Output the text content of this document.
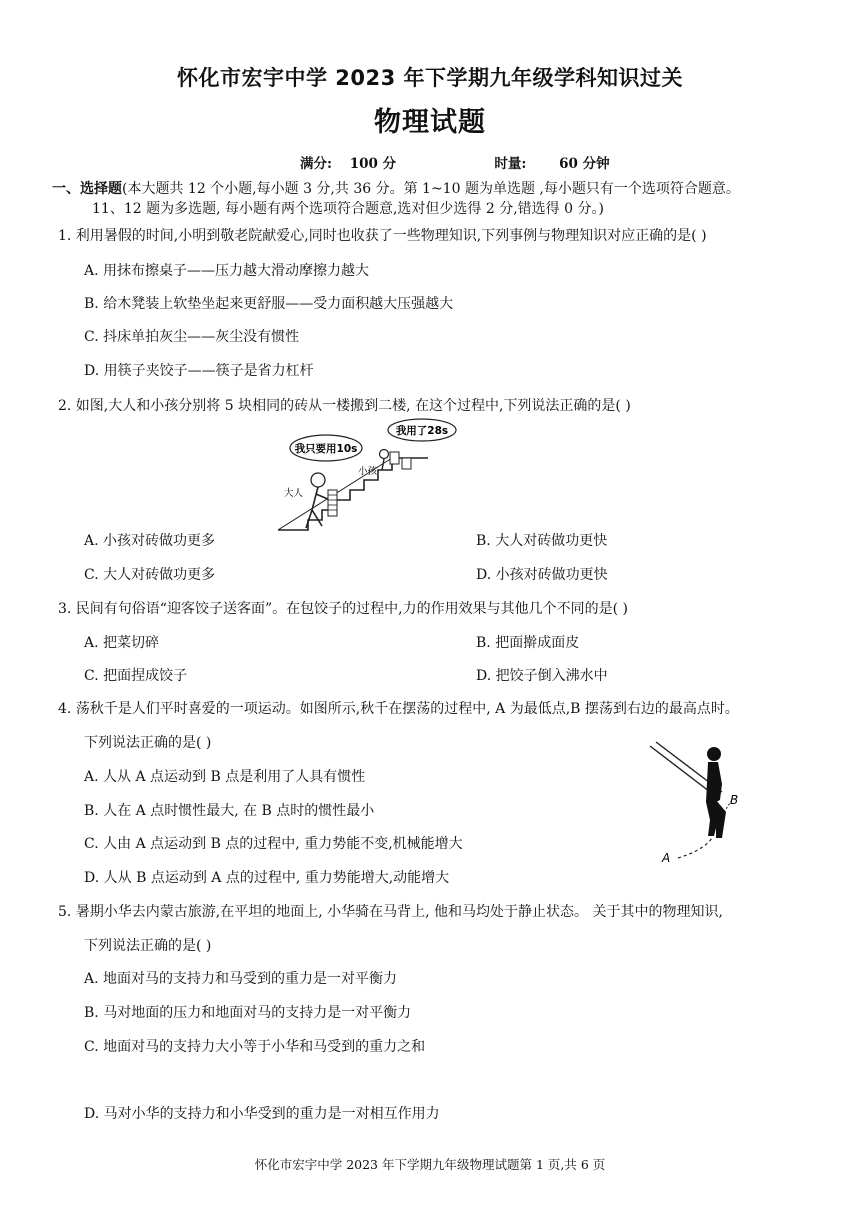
怀化市宏宇中学 2023 年下学期九年级学科知识过关
物理试题
满分: 100 分	时量: 60 分钟
一、选择题(本大题共 12 个小题,每小题 3 分,共 36 分。第 1~10 题为单选题 ,每小题只有一个选项符合题意。
11、12 题为多选题, 每小题有两个选项符合题意,选对但少选得 2 分,错选得 0 分。)
1. 利用暑假的时间,小明到敬老院献爱心,同时也收获了一些物理知识,下列事例与物理知识对应正确的是( )
A. 用抹布擦桌子——压力越大滑动摩擦力越大
B. 给木凳装上软垫坐起来更舒服——受力面积越大压强越大
C. 抖床单拍灰尘——灰尘没有惯性
D. 用筷子夹饺子——筷子是省力杠杆
2. 如图,大人和小孩分别将 5 块相同的砖从一楼搬到二楼, 在这个过程中,下列说法正确的是( )
我只要用10s
我用了28s
小孩
大人
A. 小孩对砖做功更多	B. 大人对砖做功更快
C. 大人对砖做功更多	D. 小孩对砖做功更快
3. 民间有句俗语“迎客饺子送客面”。在包饺子的过程中,力的作用效果与其他几个不同的是( )
A. 把菜切碎	B. 把面擀成面皮
C. 把面捏成饺子	D. 把饺子倒入沸水中
4. 荡秋千是人们平时喜爱的一项运动。如图所示,秋千在摆荡的过程中, A 为最低点,B 摆荡到右边的最高点时。
下列说法正确的是( )
B
A
A. 人从 A 点运动到 B 点是利用了人具有惯性
B. 人在 A 点时惯性最大, 在 B 点时的惯性最小
C. 人由 A 点运动到 B 点的过程中, 重力势能不变,机械能增大
D. 人从 B 点运动到 A 点的过程中, 重力势能增大,动能增大
5. 暑期小华去内蒙古旅游,在平坦的地面上, 小华骑在马背上, 他和马均处于静止状态。 关于其中的物理知识,
下列说法正确的是( )
A. 地面对马的支持力和马受到的重力是一对平衡力
B. 马对地面的压力和地面对马的支持力是一对平衡力
C. 地面对马的支持力大小等于小华和马受到的重力之和
D. 马对小华的支持力和小华受到的重力是一对相互作用力
怀化市宏宇中学 2023 年下学期九年级物理试题第 1 页,共 6 页
